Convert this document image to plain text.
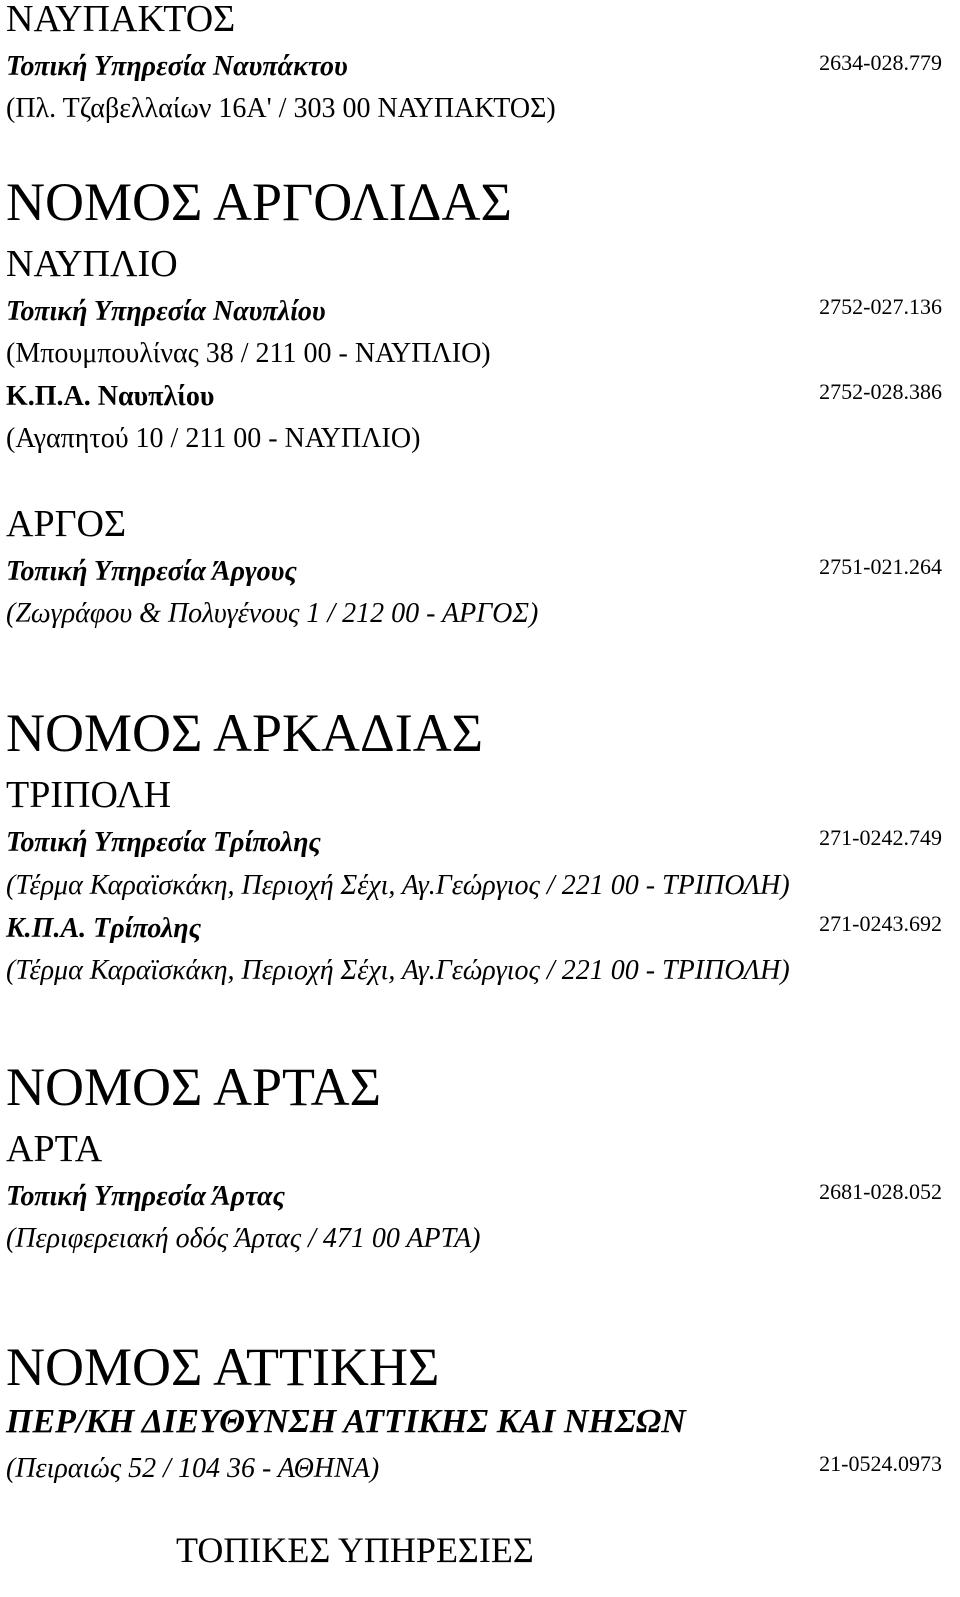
ΝΑΥΠΑΚΤΟΣ
Τοπική Υπηρεσία Ναυπάκτου	2634-028.779
(Πλ. Τζαβελλαίων 16Α' / 303 00 ΝΑΥΠΑΚΤΟΣ)
ΝΟΜΟΣ ΑΡΓΟΛΙΔΑΣ
ΝΑΥΠΛΙΟ
Τοπική Υπηρεσία Ναυπλίου	2752-027.136
(Μπουμπουλίνας 38 / 211 00 - ΝΑΥΠΛΙΟ)
Κ.Π.Α. Ναυπλίου	2752-028.386
(Αγαπητού 10 / 211 00 - ΝΑΥΠΛΙΟ)
ΑΡΓΟΣ
Τοπική Υπηρεσία Άργους	2751-021.264
(Ζωγράφου & Πολυγένους 1 / 212 00 - ΑΡΓΟΣ)
ΝΟΜΟΣ ΑΡΚΑΔΙΑΣ
ΤΡΙΠΟΛΗ
Τοπική Υπηρεσία Τρίπολης	271-0242.749
(Τέρμα Καραϊσκάκη, Περιοχή Σέχι, Αγ.Γεώργιος / 221 00 - ΤΡΙΠΟΛΗ)
Κ.Π.Α. Τρίπολης	271-0243.692
(Τέρμα Καραϊσκάκη, Περιοχή Σέχι, Αγ.Γεώργιος / 221 00 - ΤΡΙΠΟΛΗ)
ΝΟΜΟΣ ΑΡΤΑΣ
ΑΡΤΑ
Τοπική Υπηρεσία Άρτας	2681-028.052
(Περιφερειακή οδός Άρτας / 471 00 ΑΡΤΑ)
ΝΟΜΟΣ ΑΤΤΙΚΗΣ
ΠΕΡ/ΚΗ ΔΙΕΥΘΥΝΣΗ ΑΤΤΙΚΗΣ ΚΑΙ ΝΗΣΩΝ
(Πειραιώς 52 / 104 36 - ΑΘΗΝΑ)	21-0524.0973
ΤΟΠΙΚΕΣ ΥΠΗΡΕΣΙΕΣ
